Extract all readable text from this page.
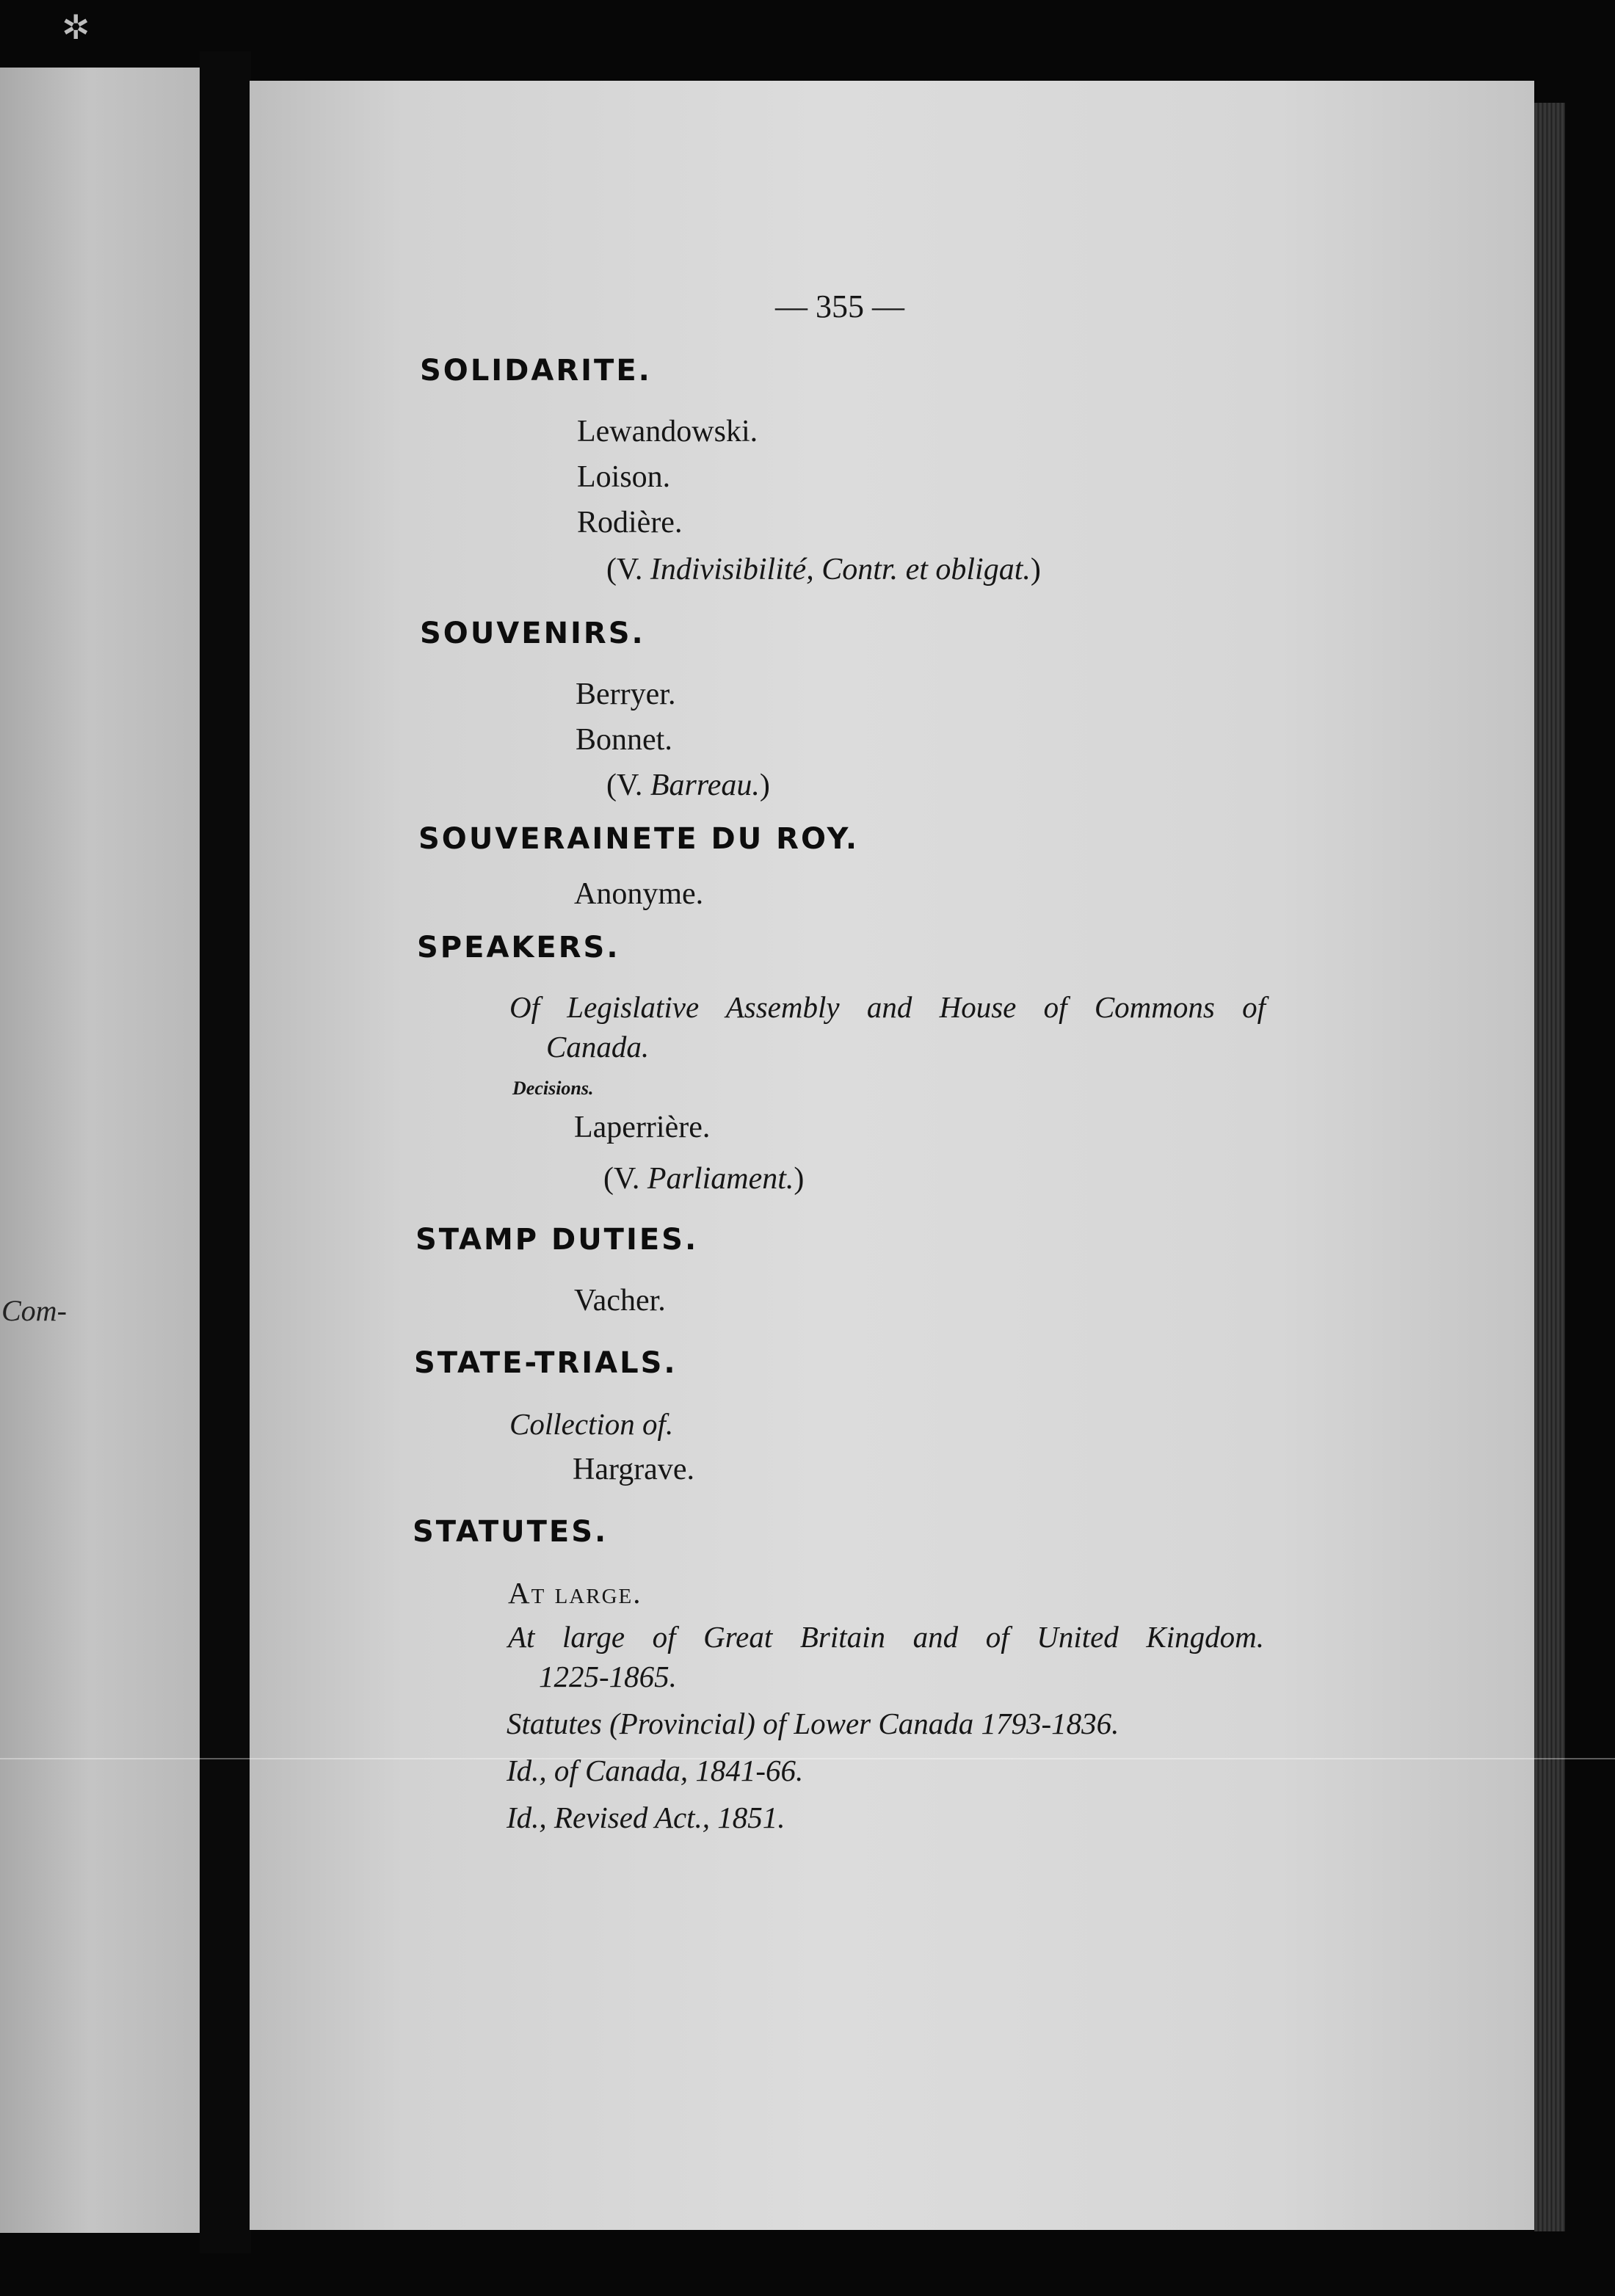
Com-
✲
— 355 —
SOLIDARITE.
Lewandowski.
Loison.
Rodière.
(V. Indivisibilité, Contr. et obligat.)
SOUVENIRS.
Berryer.
Bonnet.
(V. Barreau.)
SOUVERAINETE DU ROY.
Anonyme.
SPEAKERS.
Of Legislative Assembly and House of Commons of
Canada.
Decisions.
Laperrière.
(V. Parliament.)
STAMP DUTIES.
Vacher.
STATE-TRIALS.
Collection of.
Hargrave.
STATUTES.
At large.
At large of Great Britain and of United Kingdom.
1225-1865.
Statutes (Provincial) of Lower Canada 1793-1836.
Id., of Canada, 1841-66.
Id., Revised Act., 1851.
